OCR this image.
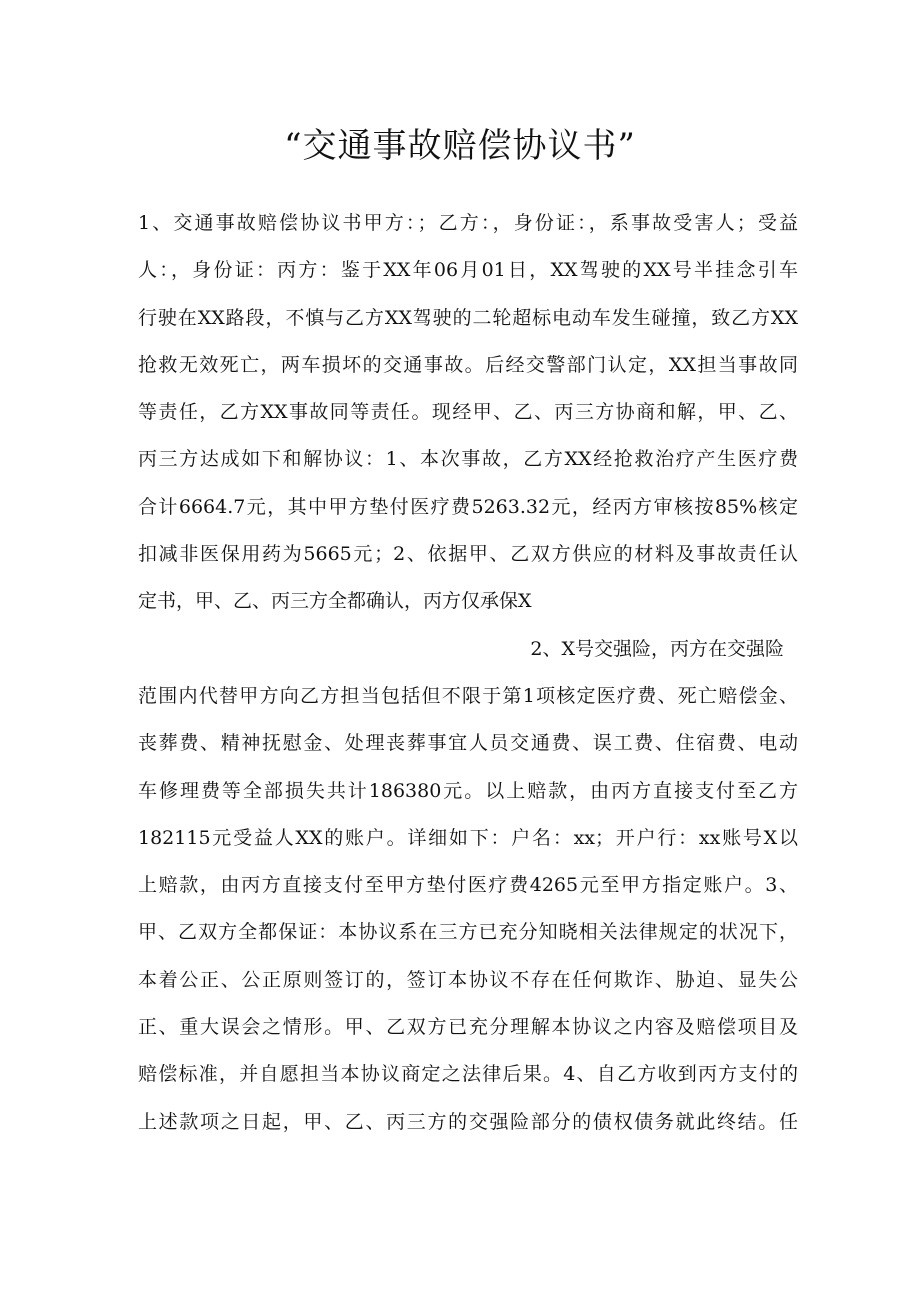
“交通事故赔偿协议书”
1、交通事故赔偿协议书甲方：；乙方：，身份证：，系事故受害人；受益
人：，身份证：丙方：鉴于XX年06月01日，XX驾驶的XX号半挂念引车
行驶在XX路段，不慎与乙方XX驾驶的二轮超标电动车发生碰撞，致乙方XX
抢救无效死亡，两车损坏的交通事故。后经交警部门认定，XX担当事故同
等责任，乙方XX事故同等责任。现经甲、乙、丙三方协商和解，甲、乙、
丙三方达成如下和解协议：1、本次事故，乙方XX经抢救治疗产生医疗费
合计6664.7元，其中甲方垫付医疗费5263.32元，经丙方审核按85%核定
扣减非医保用药为5665元；2、依据甲、乙双方供应的材料及事故责任认
定书，甲、乙、丙三方全都确认，丙方仅承保X
2、X号交强险，丙方在交强险
范围内代替甲方向乙方担当包括但不限于第1项核定医疗费、死亡赔偿金、
丧葬费、精神抚慰金、处理丧葬事宜人员交通费、误工费、住宿费、电动
车修理费等全部损失共计186380元。以上赔款，由丙方直接支付至乙方
182115元受益人XX的账户。详细如下：户名：xx；开户行：xx账号X以
上赔款，由丙方直接支付至甲方垫付医疗费4265元至甲方指定账户。3、
甲、乙双方全都保证：本协议系在三方已充分知晓相关法律规定的状况下，
本着公正、公正原则签订的，签订本协议不存在任何欺诈、胁迫、显失公
正、重大误会之情形。甲、乙双方已充分理解本协议之内容及赔偿项目及
赔偿标准，并自愿担当本协议商定之法律后果。4、自乙方收到丙方支付的
上述款项之日起，甲、乙、丙三方的交强险部分的债权债务就此终结。任
